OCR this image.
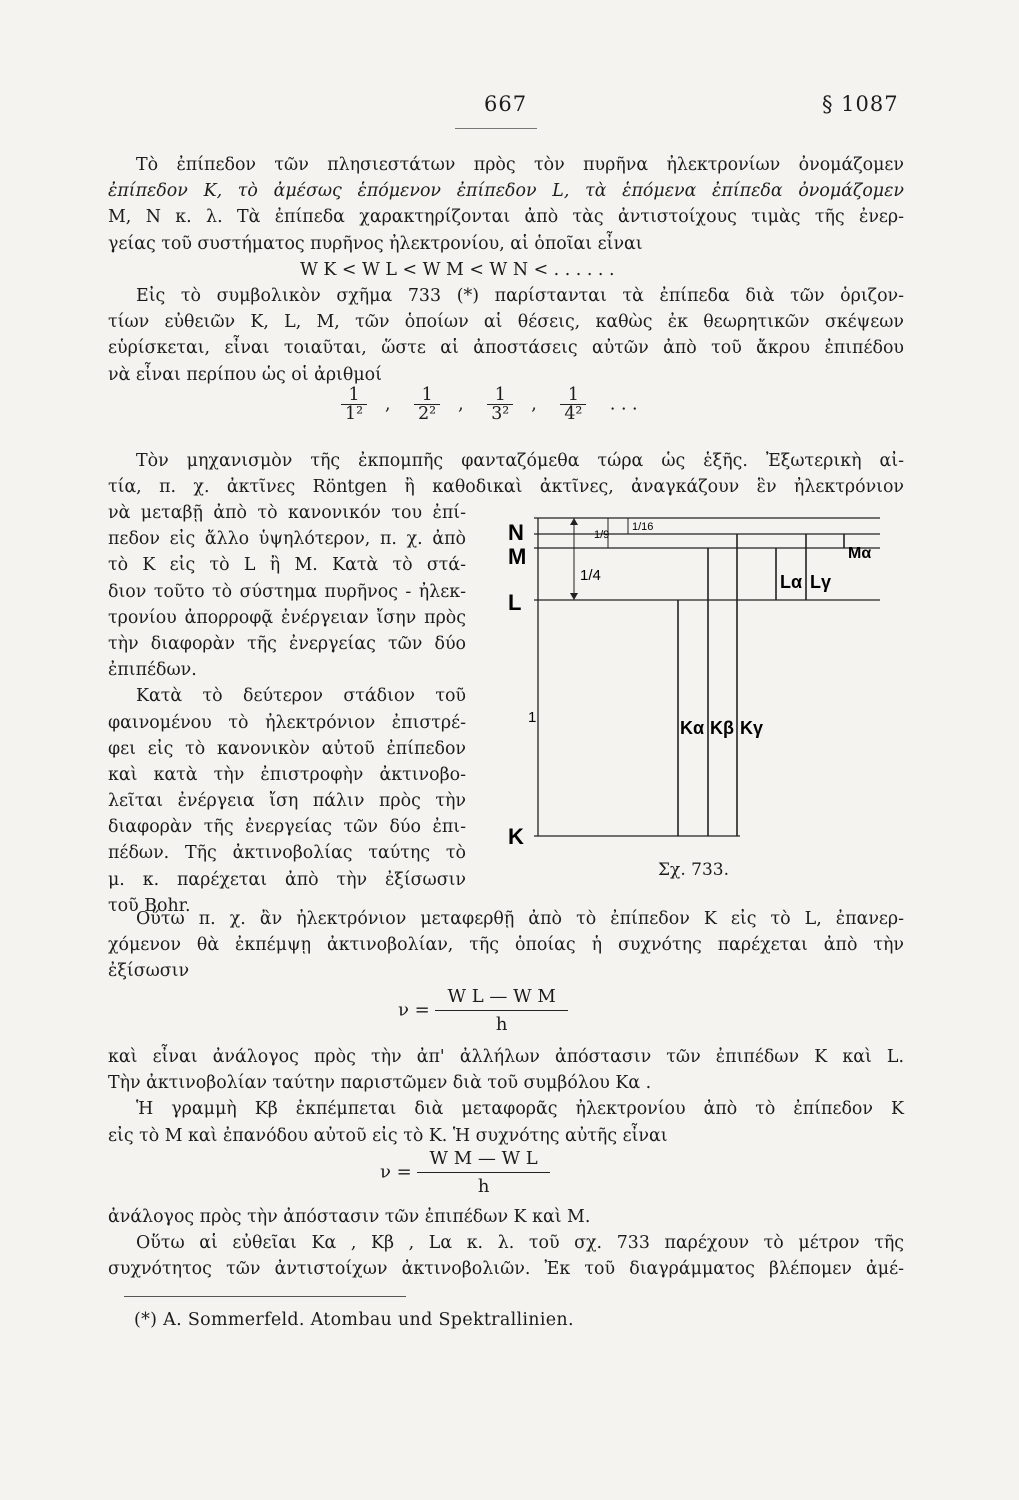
667	§ 1087
Τὸ ἐπίπεδον τῶν πλησιεστάτων πρὸς τὸν πυρῆνα ἠλεκτρονίων ὀνομάζομεν
ἐπίπεδον K, τὸ ἀμέσως ἑπόμενον ἐπίπεδον L, τὰ ἑπόμενα ἐπίπεδα ὀνομάζομεν
Μ, Ν κ. λ. Τὰ ἐπίπεδα χαρακτηρίζονται ἀπὸ τὰς ἀντιστοίχους τιμὰς τῆς ἐνερ-
γείας τοῦ συστήματος πυρῆνος ἠλεκτρονίου, αἱ ὁποῖαι εἶναι
W K < W L < W M < W N < . . . . . .
Εἰς τὸ συμβολικὸν σχῆμα 733 (*) παρίστανται τὰ ἐπίπεδα διὰ τῶν ὁριζον-
τίων εὐθειῶν K, L, M, τῶν ὁποίων αἱ θέσεις, καθὼς ἐκ θεωρητικῶν σκέψεων
εὑρίσκεται, εἶναι τοιαῦται, ὥστε αἱ ἀποστάσεις αὐτῶν ἀπὸ τοῦ ἄκρου ἐπιπέδου
νὰ εἶναι περίπου ὡς οἱ ἀριθμοί
$\frac{1}{\text{1²}}$ , $\frac{1}{\text{2²}}$ , $\frac{1}{\text{3²}}$ , $\frac{1}{\text{4²}}$ . . .
Τὸν μηχανισμὸν τῆς ἐκπομπῆς φανταζόμεθα τώρα ὡς ἑξῆς. Ἐξωτερικὴ αἰ-
τία, π. χ. ἀκτῖνες Röntgen ἢ καθοδικαὶ ἀκτῖνες, ἀναγκάζουν ἓν ἠλεκτρόνιον
νὰ μεταβῇ ἀπὸ τὸ κανονικόν του ἐπί-
πεδον εἰς ἄλλο ὑψηλότερον, π. χ. ἀπὸ
τὸ K εἰς τὸ L ἢ M. Κατὰ τὸ στά-
διον τοῦτο τὸ σύστημα πυρῆνος - ἠλεκ-
τρονίου ἀπορροφᾷ ἐνέργειαν ἴσην πρὸς
τὴν διαφορὰν τῆς ἐνεργείας τῶν δύο
ἐπιπέδων.
Κατὰ τὸ δεύτερον στάδιον τοῦ
φαινομένου τὸ ἠλεκτρόνιον ἐπιστρέ-
φει εἰς τὸ κανονικὸν αὐτοῦ ἐπίπεδον
καὶ κατὰ τὴν ἐπιστροφὴν ἀκτινοβο-
λεῖται ἐνέργεια ἴση πάλιν πρὸς τὴν
διαφορὰν τῆς ἐνεργείας τῶν δύο ἐπι-
πέδων. Τῆς ἀκτινοβολίας ταύτης τὸ
μ. κ. παρέχεται ἀπὸ τὴν ἐξίσωσιν
τοῦ Bohr.
N
M
L
K
1/4
1/9
1/16
1
Mα
Lα Lγ
Kα Kβ Kγ
Σχ. 733.
Οὕτω π. χ. ἂν ἠλεκτρόνιον μεταφερθῇ ἀπὸ τὸ ἐπίπεδον K εἰς τὸ L, ἐπανερ-
χόμενον θὰ ἐκπέμψῃ ἀκτινοβολίαν, τῆς ὁποίας ἡ συχνότης παρέχεται ἀπὸ τὴν
ἐξίσωσιν
$\nu = \frac{\text{W L — W M}}{h}$
καὶ εἶναι ἀνάλογος πρὸς τὴν ἀπ' ἀλλήλων ἀπόστασιν τῶν ἐπιπέδων K καὶ L.
Τὴν ἀκτινοβολίαν ταύτην παριστῶμεν διὰ τοῦ συμβόλου Kα .
Ἡ γραμμὴ Kβ ἐκπέμπεται διὰ μεταφορᾶς ἠλεκτρονίου ἀπὸ τὸ ἐπίπεδον K
εἰς τὸ Μ καὶ ἐπανόδου αὐτοῦ εἰς τὸ K. Ἡ συχνότης αὐτῆς εἶναι
$\nu = \frac{\text{W M — W L}}{h}$
ἀνάλογος πρὸς τὴν ἀπόστασιν τῶν ἐπιπέδων K καὶ Μ.
Οὕτω αἱ εὐθεῖαι Kα , Kβ , Lα κ. λ. τοῦ σχ. 733 παρέχουν τὸ μέτρον τῆς
συχνότητος τῶν ἀντιστοίχων ἀκτινοβολιῶν. Ἐκ τοῦ διαγράμματος βλέπομεν ἀμέ-
(*) A. Sommerfeld. Atombau und Spektrallinien.
